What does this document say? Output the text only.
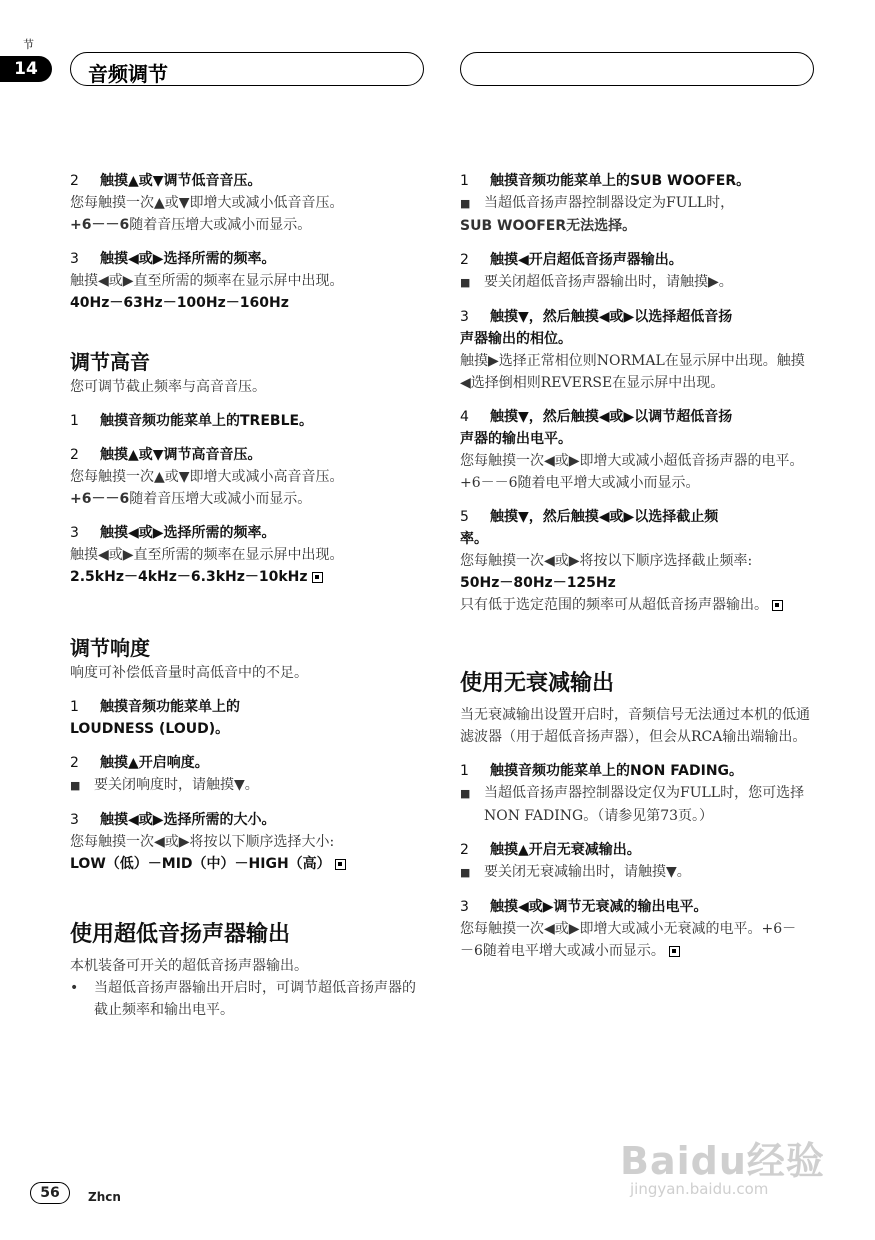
节
14	音频调节

2 触摸▲或▼调节低音音压。

您每触摸一次▲或▼即增大或减小低音音压。

+6－－6随着音压增大或减小而显示。

3 触摸◀或▶选择所需的频率。

触摸◀或▶直至所需的频率在显示屏中出现。

40Hz－63Hz－100Hz－160Hz

调节高音

您可调节截止频率与高音音压。

1 触摸音频功能菜单上的TREBLE。

2 触摸▲或▼调节高音音压。

您每触摸一次▲或▼即增大或减小高音音压。

+6－－6随着音压增大或减小而显示。

3 触摸◀或▶选择所需的频率。

触摸◀或▶直至所需的频率在显示屏中出现。

2.5kHz－4kHz－6.3kHz－10kHz

调节响度

响度可补偿低音量时高低音中的不足。

1 触摸音频功能菜单上的
LOUDNESS (LOUD)。

2 触摸▲开启响度。

■ 要关闭响度时，请触摸▼。

3 触摸◀或▶选择所需的大小。

您每触摸一次◀或▶将按以下顺序选择大小:

LOW（低）－MID（中）－HIGH（高）

使用超低音扬声器输出

本机装备可开关的超低音扬声器输出。

• 当超低音扬声器输出开启时，可调节超低音扬声器的截止频率和输出电平。

1 触摸音频功能菜单上的SUB WOOFER。

■ 当超低音扬声器控制器设定为FULL时，

SUB WOOFER无法选择。

2 触摸◀开启超低音扬声器输出。

■ 要关闭超低音扬声器输出时，请触摸▶。

3 触摸▼，然后触摸◀或▶以选择超低音扬
声器输出的相位。

触摸▶选择正常相位则NORMAL在显示屏中出现。触摸◀选择倒相则REVERSE在显示屏中出现。

4 触摸▼，然后触摸◀或▶以调节超低音扬
声器的输出电平。

您每触摸一次◀或▶即增大或减小超低音扬声器的电平。+6－－6随着电平增大或减小而显示。

5 触摸▼，然后触摸◀或▶以选择截止频
率。

您每触摸一次◀或▶将按以下顺序选择截止频率:

50Hz－80Hz－125Hz

只有低于选定范围的频率可从超低音扬声器输出。

使用无衰减输出

当无衰减输出设置开启时，音频信号无法通过本机的低通滤波器（用于超低音扬声器），但会从RCA输出端输出。

1 触摸音频功能菜单上的NON FADING。

■ 当超低音扬声器控制器设定仅为FULL时，您可选择NON FADING。（请参见第73页。）

2 触摸▲开启无衰减输出。

■ 要关闭无衰减输出时，请触摸▼。

3 触摸◀或▶调节无衰减的输出电平。

您每触摸一次◀或▶即增大或减小无衰减的电平。+6－－6随着电平增大或减小而显示。

Baidu经验
jingyan.baidu.com
56	Zhcn
